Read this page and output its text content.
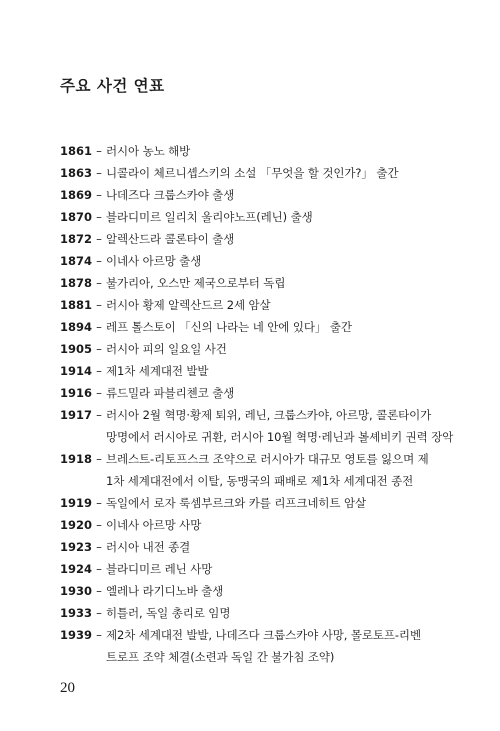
주요 사건 연표
1861 – 러시아 농노 해방
1863 – 니콜라이 체르니솁스키의 소설 「무엇을 할 것인가?」 출간
1869 – 나데즈다 크룹스카야 출생
1870 – 블라디미르 일리치 울리야노프(레닌) 출생
1872 – 알렉산드라 콜론타이 출생
1874 – 이네사 아르망 출생
1878 – 불가리아, 오스만 제국으로부터 독립
1881 – 러시아 황제 알렉산드르 2세 암살
1894 – 레프 톨스토이 「신의 나라는 네 안에 있다」 출간
1905 – 러시아 피의 일요일 사건
1914 – 제1차 세계대전 발발
1916 – 류드밀라 파블리첸코 출생
1917 – 러시아 2월 혁명·황제 퇴위, 레닌, 크룹스카야, 아르망, 콜론타이가
망명에서 러시아로 귀환, 러시아 10월 혁명·레닌과 볼셰비키 권력 장악
1918 – 브레스트-리토프스크 조약으로 러시아가 대규모 영토를 잃으며 제
1차 세계대전에서 이탈, 동맹국의 패배로 제1차 세계대전 종전
1919 – 독일에서 로자 룩셈부르크와 카를 리프크네히트 암살
1920 – 이네사 아르망 사망
1923 – 러시아 내전 종결
1924 – 블라디미르 레닌 사망
1930 – 엘레나 라기디노바 출생
1933 – 히틀러, 독일 총리로 임명
1939 – 제2차 세계대전 발발, 나데즈다 크룹스카야 사망, 몰로토프-리벤
트로프 조약 체결(소련과 독일 간 불가침 조약)
20
